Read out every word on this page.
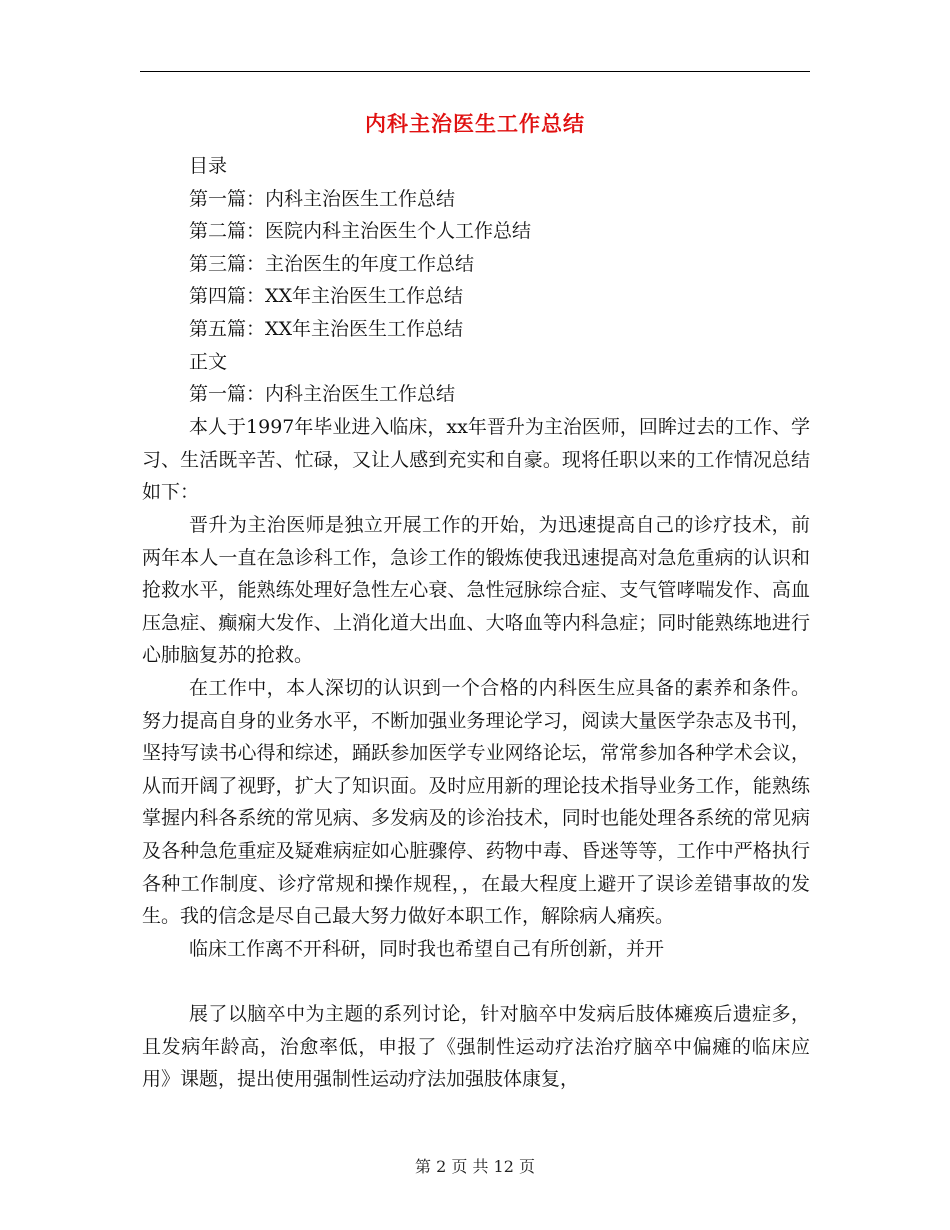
内科主治医生工作总结
目录
第一篇：内科主治医生工作总结
第二篇：医院内科主治医生个人工作总结
第三篇：主治医生的年度工作总结
第四篇：XX年主治医生工作总结
第五篇：XX年主治医生工作总结
正文
第一篇：内科主治医生工作总结

本人于1997年毕业进入临床，xx年晋升为主治医师，回眸过去的工作、学习、生活既辛苦、忙碌，又让人感到充实和自豪。现将任职以来的工作情况总结如下：

晋升为主治医师是独立开展工作的开始，为迅速提高自己的诊疗技术，前两年本人一直在急诊科工作，急诊工作的锻炼使我迅速提高对急危重病的认识和抢救水平，能熟练处理好急性左心衰、急性冠脉综合症、支气管哮喘发作、高血压急症、癫痫大发作、上消化道大出血、大咯血等内科急症；同时能熟练地进行心肺脑复苏的抢救。

在工作中，本人深切的认识到一个合格的内科医生应具备的素养和条件。努力提高自身的业务水平，不断加强业务理论学习，阅读大量医学杂志及书刊，坚持写读书心得和综述，踊跃参加医学专业网络论坛，常常参加各种学术会议，从而开阔了视野，扩大了知识面。及时应用新的理论技术指导业务工作，能熟练掌握内科各系统的常见病、多发病及的诊治技术，同时也能处理各系统的常见病及各种急危重症及疑难病症如心脏骤停、药物中毒、昏迷等等，工作中严格执行各种工作制度、诊疗常规和操作规程，，在最大程度上避开了误诊差错事故的发生。我的信念是尽自己最大努力做好本职工作，解除病人痛疾。

临床工作离不开科研，同时我也希望自己有所创新，并开

展了以脑卒中为主题的系列讨论，针对脑卒中发病后肢体瘫痪后遗症多，且发病年龄高，治愈率低，申报了《强制性运动疗法治疗脑卒中偏瘫的临床应用》课题，提出使用强制性运动疗法加强肢体康复，

第 2 页 共 12 页
